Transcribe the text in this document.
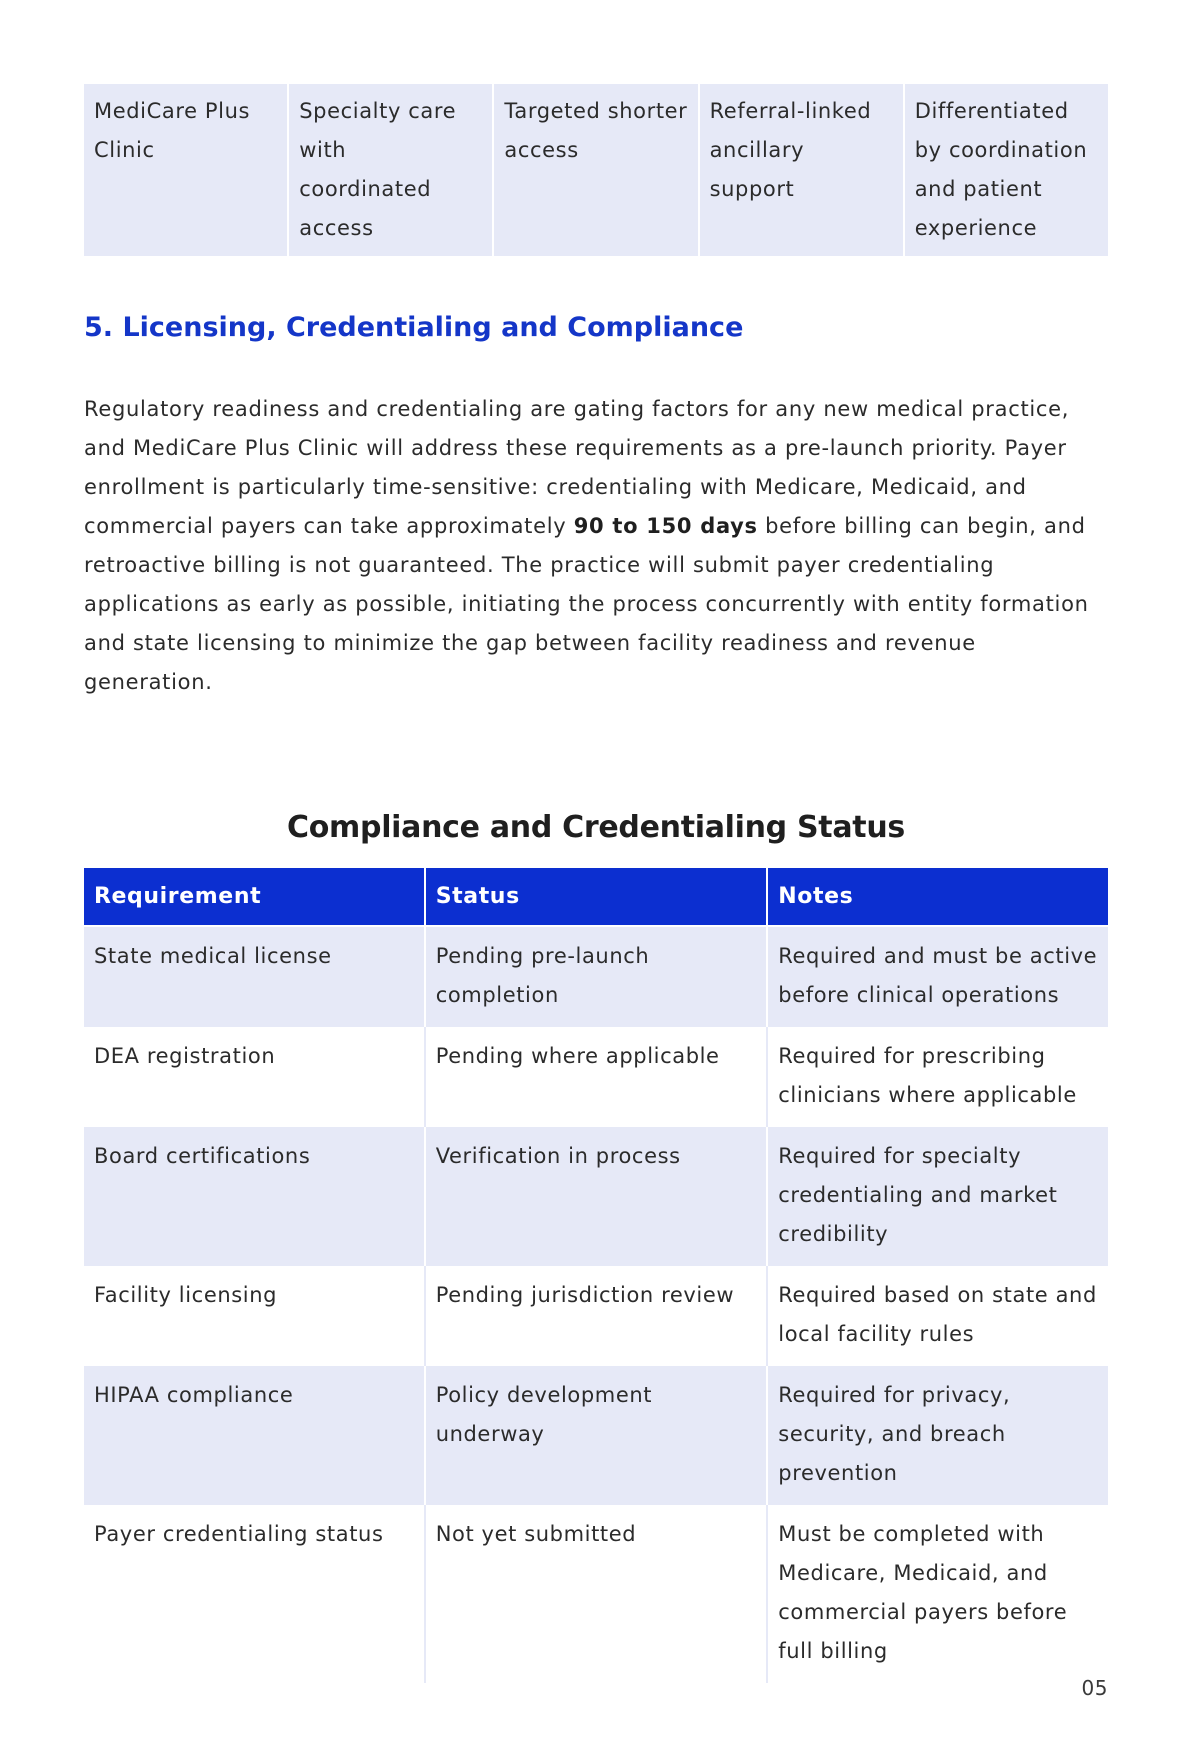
MediCare Plus Clinic	Specialty care with coordinated access	Targeted shorter access	Referral-linked ancillary support	Differentiated by coordination and patient experience
5. Licensing, Credentialing and Compliance

Regulatory readiness and credentialing are gating factors for any new medical practice, and MediCare Plus Clinic will address these requirements as a pre-launch priority. Payer enrollment is particularly time-sensitive: credentialing with Medicare, Medicaid, and commercial payers can take approximately 90 to 150 days before billing can begin, and retroactive billing is not guaranteed. The practice will submit payer credentialing applications as early as possible, initiating the process concurrently with entity formation and state licensing to minimize the gap between facility readiness and revenue generation.

Compliance and Credentialing Status
Requirement	Status	Notes
State medical license	Pending pre-launch completion	Required and must be active before clinical operations
DEA registration	Pending where applicable	Required for prescribing clinicians where applicable
Board certifications	Verification in process	Required for specialty credentialing and market credibility
Facility licensing	Pending jurisdiction review	Required based on state and local facility rules
HIPAA compliance	Policy development underway	Required for privacy, security, and breach prevention
Payer credentialing status	Not yet submitted	Must be completed with Medicare, Medicaid, and commercial payers before full billing
05
